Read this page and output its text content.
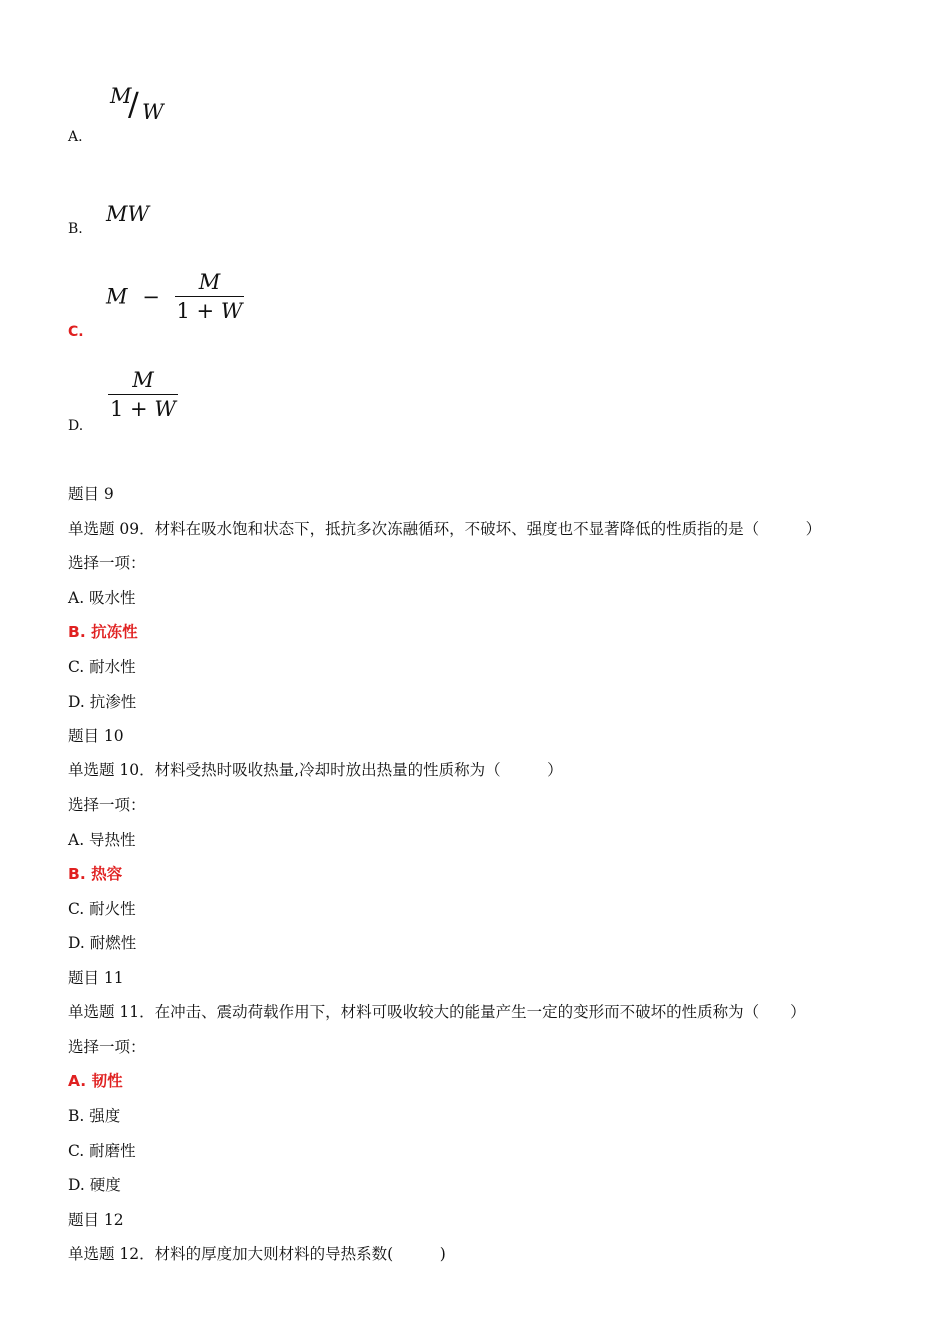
M
/ W
A.
MW
B.
$M - \frac{M}{1 + W}$
C.
$\frac{M}{1 + W}$
D.
题目 9
单选题 09．材料在吸水饱和状态下，抵抗多次冻融循环，不破坏、强度也不显著降低的性质指的是（　　　）
选择一项：
A. 吸水性
B. 抗冻性
C. 耐水性
D. 抗渗性
题目 10
单选题 10．材料受热时吸收热量,冷却时放出热量的性质称为（　　　）
选择一项：
A. 导热性
B. 热容
C. 耐火性
D. 耐燃性
题目 11
单选题 11．在冲击、震动荷载作用下，材料可吸收较大的能量产生一定的变形而不破坏的性质称为（　　）
选择一项：
A. 韧性
B. 强度
C. 耐磨性
D. 硬度
题目 12
单选题 12．材料的厚度加大则材料的导热系数(　　　)
